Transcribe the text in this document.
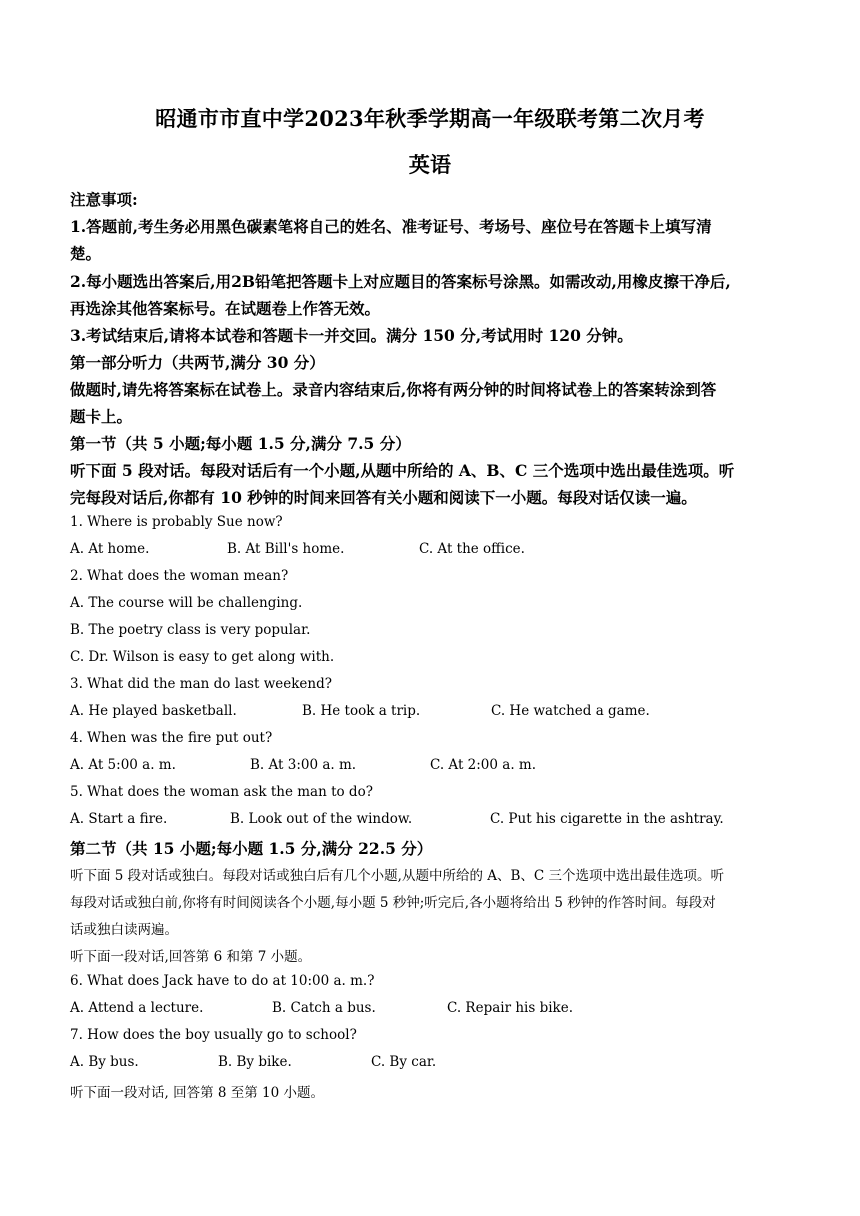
昭通市市直中学2023年秋季学期高一年级联考第二次月考
英语
注意事项:
1.答题前,考生务必用黑色碳素笔将自己的姓名、准考证号、考场号、座位号在答题卡上填写清
楚。
2.每小题选出答案后,用2B铅笔把答题卡上对应题目的答案标号涂黑。如需改动,用橡皮擦干净后,
再选涂其他答案标号。在试题卷上作答无效。
3.考试结束后,请将本试卷和答题卡一并交回。满分 150 分,考试用时 120 分钟。
第一部分听力（共两节,满分 30 分）
做题时,请先将答案标在试卷上。录音内容结束后,你将有两分钟的时间将试卷上的答案转涂到答
题卡上。
第一节（共 5 小题;每小题 1.5 分,满分 7.5 分）
听下面 5 段对话。每段对话后有一个小题,从题中所给的 A、B、C 三个选项中选出最佳选项。听
完每段对话后,你都有 10 秒钟的时间来回答有关小题和阅读下一小题。每段对话仅读一遍。
1. Where is probably Sue now?
A. At home.	B. At Bill's home.	C. At the office.
2. What does the woman mean?
A. The course will be challenging.
B. The poetry class is very popular.
C. Dr. Wilson is easy to get along with.
3. What did the man do last weekend?
A. He played basketball.	B. He took a trip.	C. He watched a game.
4. When was the fire put out?
A. At 5:00 a. m.	B. At 3:00 a. m.	C. At 2:00 a. m.
5. What does the woman ask the man to do?
A. Start a fire.	B. Look out of the window.	C. Put his cigarette in the ashtray.
第二节（共 15 小题;每小题 1.5 分,满分 22.5 分）
听下面 5 段对话或独白。每段对话或独白后有几个小题,从题中所给的 A、B、C 三个选项中选出最佳选项。听
每段对话或独白前,你将有时间阅读各个小题,每小题 5 秒钟;听完后,各小题将给出 5 秒钟的作答时间。每段对
话或独白读两遍。
听下面一段对话,回答第 6 和第 7 小题。
6. What does Jack have to do at 10:00 a. m.?
A. Attend a lecture.	B. Catch a bus.	C. Repair his bike.
7. How does the boy usually go to school?
A. By bus.	B. By bike.	C. By car.
听下面一段对话, 回答第 8 至第 10 小题。
